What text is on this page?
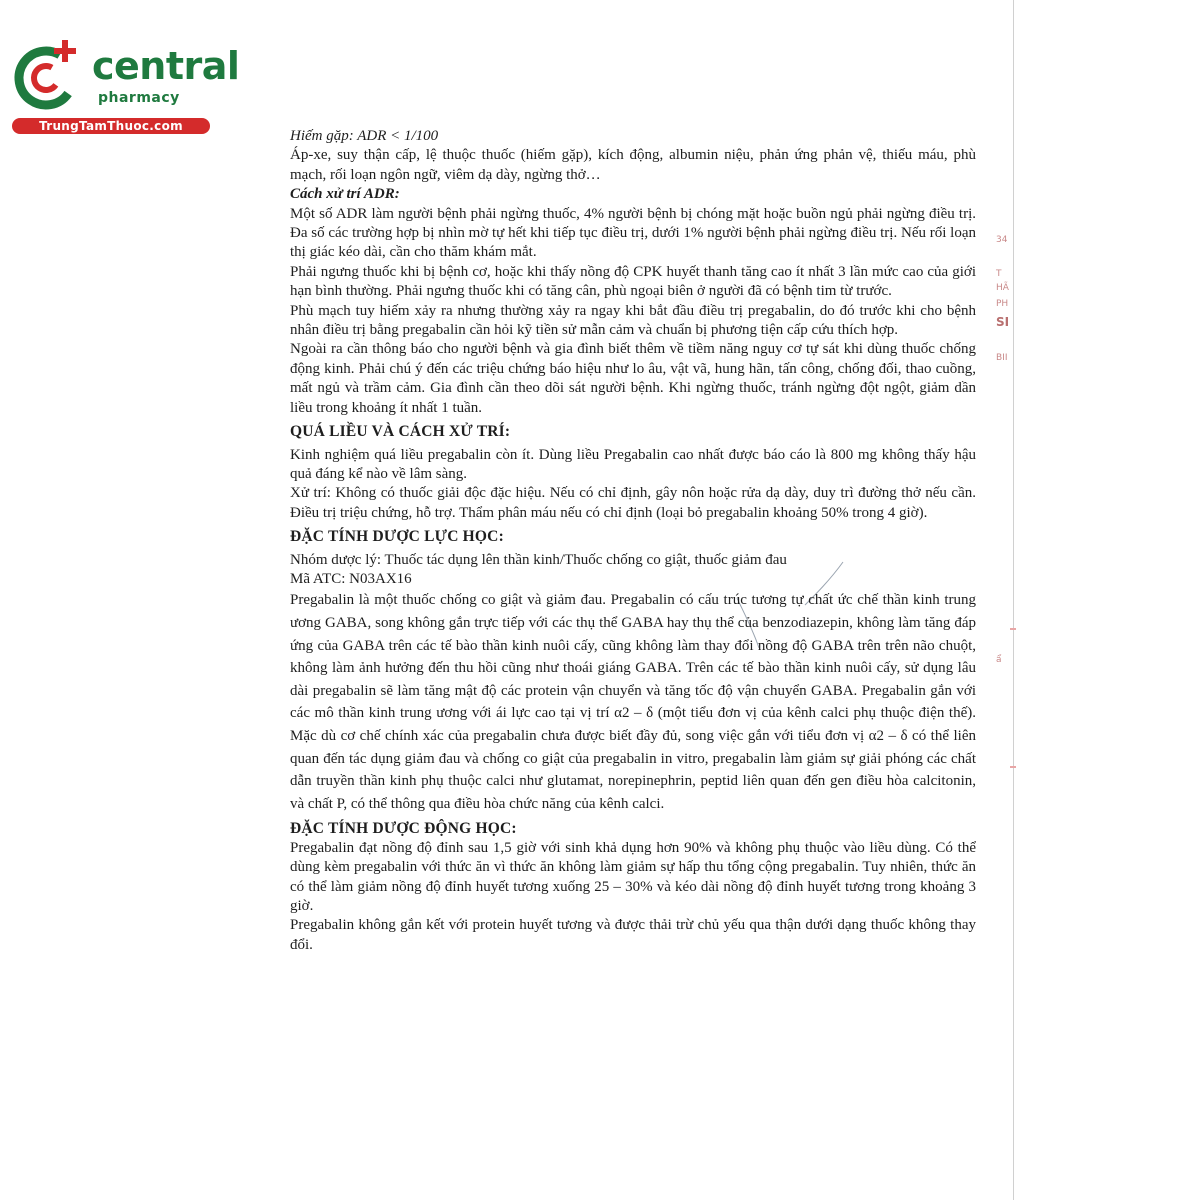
central
pharmacy
TrungTamThuoc.com
34
T
HÃ
PH
SI
BII
ẩ

Hiếm gặp: ADR < 1/100

Áp-xe, suy thận cấp, lệ thuộc thuốc (hiếm gặp), kích động, albumin niệu, phản ứng phản vệ, thiếu máu, phù mạch, rối loạn ngôn ngữ, viêm dạ dày, ngừng thở…

Cách xử trí ADR:

Một số ADR làm người bệnh phải ngừng thuốc, 4% người bệnh bị chóng mặt hoặc buồn ngủ phải ngừng điều trị. Đa số các trường hợp bị nhìn mờ tự hết khi tiếp tục điều trị, dưới 1% người bệnh phải ngừng điều trị. Nếu rối loạn thị giác kéo dài, cần cho thăm khám mắt.

Phải ngưng thuốc khi bị bệnh cơ, hoặc khi thấy nồng độ CPK huyết thanh tăng cao ít nhất 3 lần mức cao của giới hạn bình thường. Phải ngưng thuốc khi có tăng cân, phù ngoại biên ở người đã có bệnh tim từ trước.

Phù mạch tuy hiếm xảy ra nhưng thường xảy ra ngay khi bắt đầu điều trị pregabalin, do đó trước khi cho bệnh nhân điều trị bằng pregabalin cần hỏi kỹ tiền sử mẫn cảm và chuẩn bị phương tiện cấp cứu thích hợp.

Ngoài ra cần thông báo cho người bệnh và gia đình biết thêm về tiềm năng nguy cơ tự sát khi dùng thuốc chống động kinh. Phải chú ý đến các triệu chứng báo hiệu như lo âu, vật vã, hung hãn, tấn công, chống đối, thao cuồng, mất ngủ và trầm cảm. Gia đình cần theo dõi sát người bệnh. Khi ngừng thuốc, tránh ngừng đột ngột, giảm dần liều trong khoảng ít nhất 1 tuần.

QUÁ LIỀU VÀ CÁCH XỬ TRÍ:

Kinh nghiệm quá liều pregabalin còn ít. Dùng liều Pregabalin cao nhất được báo cáo là 800 mg không thấy hậu quả đáng kể nào về lâm sàng.

Xử trí: Không có thuốc giải độc đặc hiệu. Nếu có chỉ định, gây nôn hoặc rửa dạ dày, duy trì đường thở nếu cần. Điều trị triệu chứng, hỗ trợ. Thẩm phân máu nếu có chỉ định (loại bỏ pregabalin khoảng 50% trong 4 giờ).

ĐẶC TÍNH DƯỢC LỰC HỌC:

Nhóm dược lý: Thuốc tác dụng lên thần kinh/Thuốc chống co giật, thuốc giảm đau

Mã ATC: N03AX16

Pregabalin là một thuốc chống co giật và giảm đau. Pregabalin có cấu trúc tương tự chất ức chế thần kinh trung ương GABA, song không gắn trực tiếp với các thụ thể GABA hay thụ thể của benzodiazepin, không làm tăng đáp ứng của GABA trên các tế bào thần kinh nuôi cấy, cũng không làm thay đổi nồng độ GABA trên trên não chuột, không làm ảnh hưởng đến thu hồi cũng như thoái giáng GABA. Trên các tế bào thần kinh nuôi cấy, sử dụng lâu dài pregabalin sẽ làm tăng mật độ các protein vận chuyển và tăng tốc độ vận chuyển GABA. Pregabalin gắn với các mô thần kinh trung ương với ái lực cao tại vị trí α2 – δ (một tiểu đơn vị của kênh calci phụ thuộc điện thế). Mặc dù cơ chế chính xác của pregabalin chưa được biết đầy đủ, song việc gắn với tiểu đơn vị α2 – δ có thể liên quan đến tác dụng giảm đau và chống co giật của pregabalin in vitro, pregabalin làm giảm sự giải phóng các chất dẫn truyền thần kinh phụ thuộc calci như glutamat, norepinephrin, peptid liên quan đến gen điều hòa calcitonin, và chất P, có thể thông qua điều hòa chức năng của kênh calci.

ĐẶC TÍNH DƯỢC ĐỘNG HỌC:

Pregabalin đạt nồng độ đỉnh sau 1,5 giờ với sinh khả dụng hơn 90% và không phụ thuộc vào liều dùng. Có thể dùng kèm pregabalin với thức ăn vì thức ăn không làm giảm sự hấp thu tổng cộng pregabalin. Tuy nhiên, thức ăn có thể làm giảm nồng độ đỉnh huyết tương xuống 25 – 30% và kéo dài nồng độ đỉnh huyết tương trong khoảng 3 giờ.

Pregabalin không gắn kết với protein huyết tương và được thải trừ chủ yếu qua thận dưới dạng thuốc không thay đổi.
